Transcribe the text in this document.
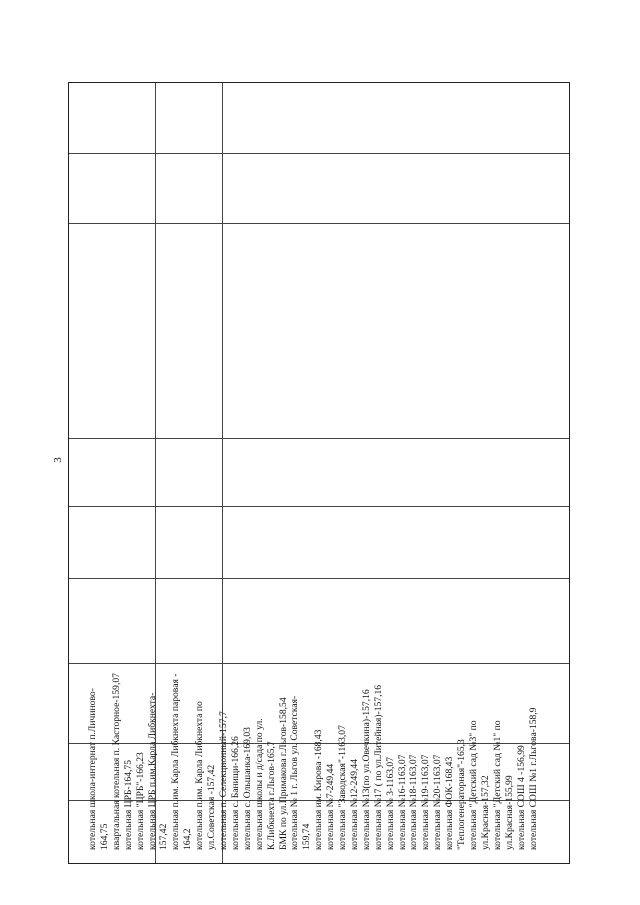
3
котельная школа-интернат п.Личиново- 164,75 квартальная котельная п. Касторное-159,07 котельная ЦРБ-164,75 котельная "ЦРБ"-166,23 котельная ЦРБ п.им.Карла Либкнехта- 157,42 котельная п.им. Карла Либкнехта паровая - 164,2 котельная п.им. Карла Либкнехта по ул.Советская -157,42 котельная п. Селекционный-157,7 котельная с. Банищи-166,26 котельная с. Ольшанка-169,03 котельная школы и д/сада по ул. К.Либкнехта г.Льгов-165,7 БМК по ул.Примакова г.Льгов-158,54 котельная № 1 г. Льгов ул. Советская- 159,74 котельная им. Кирова -168,43 котельная №7-249,44 котельная "Заводская"-1163,07 котельная №12-249,44 котельная №13(по ул.Овечкина)-157,16 котельная №17 ( по ул.Литейная)-157,16 котельная № 3-1163,07 котельная №16-1163,07 котельная №18-1163,07 котельная №19-1163,07 котельная №20-1163,07 котельная ФОК-168,43 "Теплогенераторная"-165,3 котельная "Детский сад №3" по ул.Красная-157,32 котельная "Детский сад №1" по ул.Красная-155,99 котельная СОШ 4 -156,99 котельная СОШ №1 г.Льгова-158,9
